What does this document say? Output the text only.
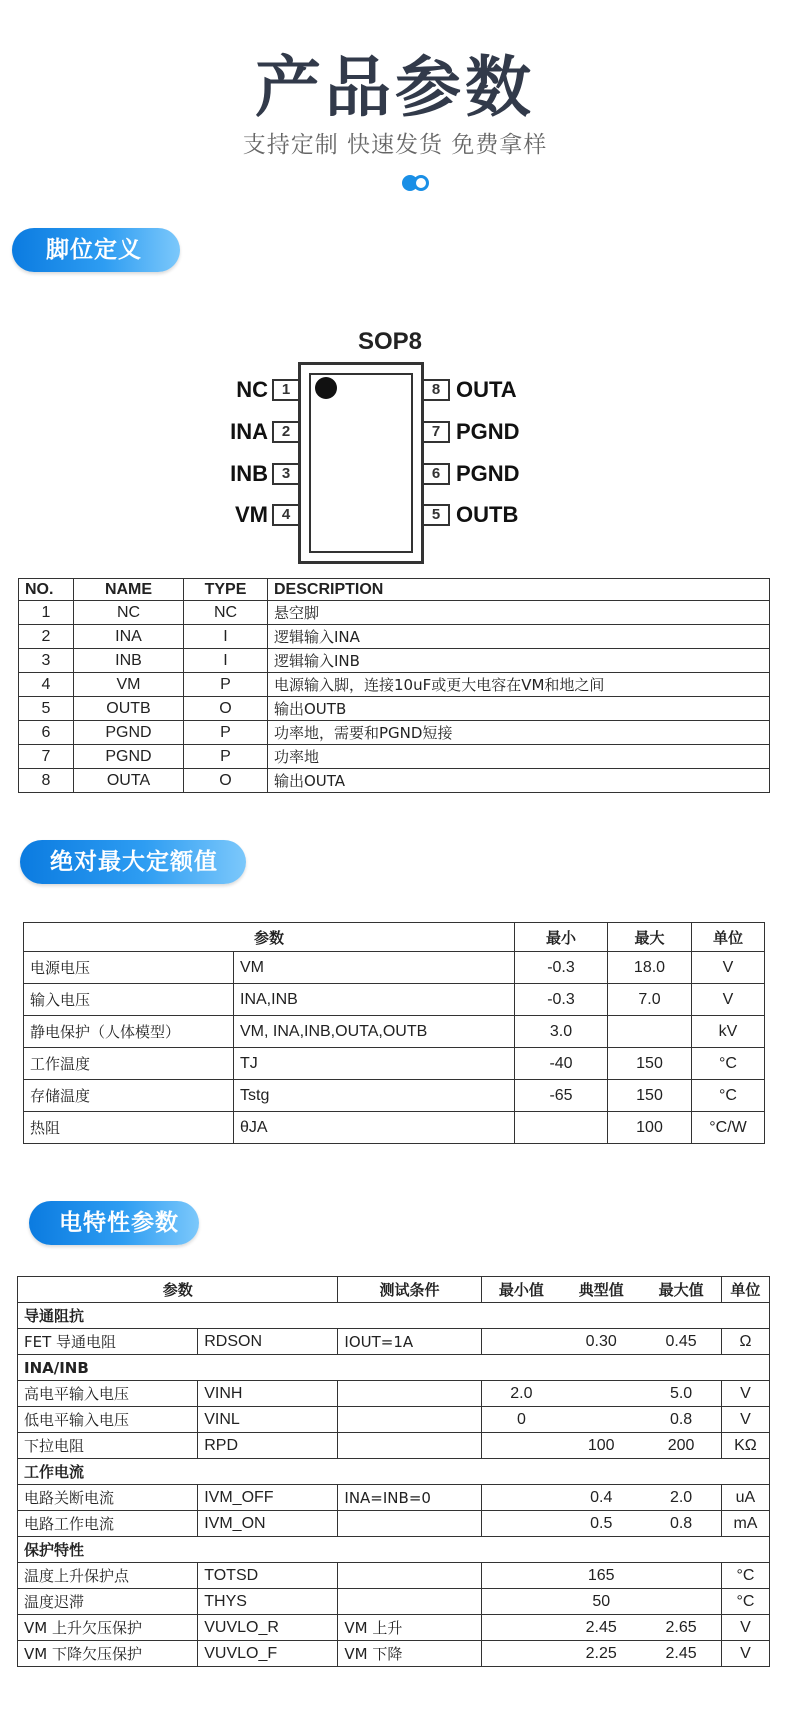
产品参数
支持定制 快速发货 免费拿样
脚位定义
SOP8
1
NC
2
INA
3
INB
4
VM
8 OUTA
7 PGND
6 PGND
5 OUTB
NO.	NAME	TYPE	DESCRIPTION
1	NC	NC	悬空脚
2	INA	I	逻辑输入INA
3	INB	I	逻辑输入INB
4	VM	P	电源输入脚，连接10uF或更大电容在VM和地之间
5	OUTB	O	输出OUTB
6	PGND	P	功率地，需要和PGND短接
7	PGND	P	功率地
8	OUTA	O	输出OUTA
绝对最大定额值
参数		最小	最大	单位
电源电压	VM	-0.3	18.0	V
输入电压	INA,INB	-0.3	7.0	V
静电保护（人体模型）	VM, INA,INB,OUTA,OUTB	3.0		kV
工作温度	TJ	-40	150	°C
存储温度	Tstg	-65	150	°C
热阻	θJA		100	°C/W
电特性参数
参数		测试条件	最小值	典型值	最大值	单位
导通阻抗						
FET 导通电阻	RDSON	IOUT=1A		0.30	0.45	Ω
INA/INB						
高电平输入电压	VINH		2.0		5.0	V
低电平输入电压	VINL		0		0.8	V
下拉电阻	RPD			100	200	KΩ
工作电流						
电路关断电流	IVM_OFF	INA=INB=0		0.4	2.0	uA
电路工作电流	IVM_ON			0.5	0.8	mA
保护特性						
温度上升保护点	TOTSD			165		°C
温度迟滞	THYS			50		°C
VM 上升欠压保护	VUVLO_R	VM 上升		2.45	2.65	V
VM 下降欠压保护	VUVLO_F	VM 下降		2.25	2.45	V
